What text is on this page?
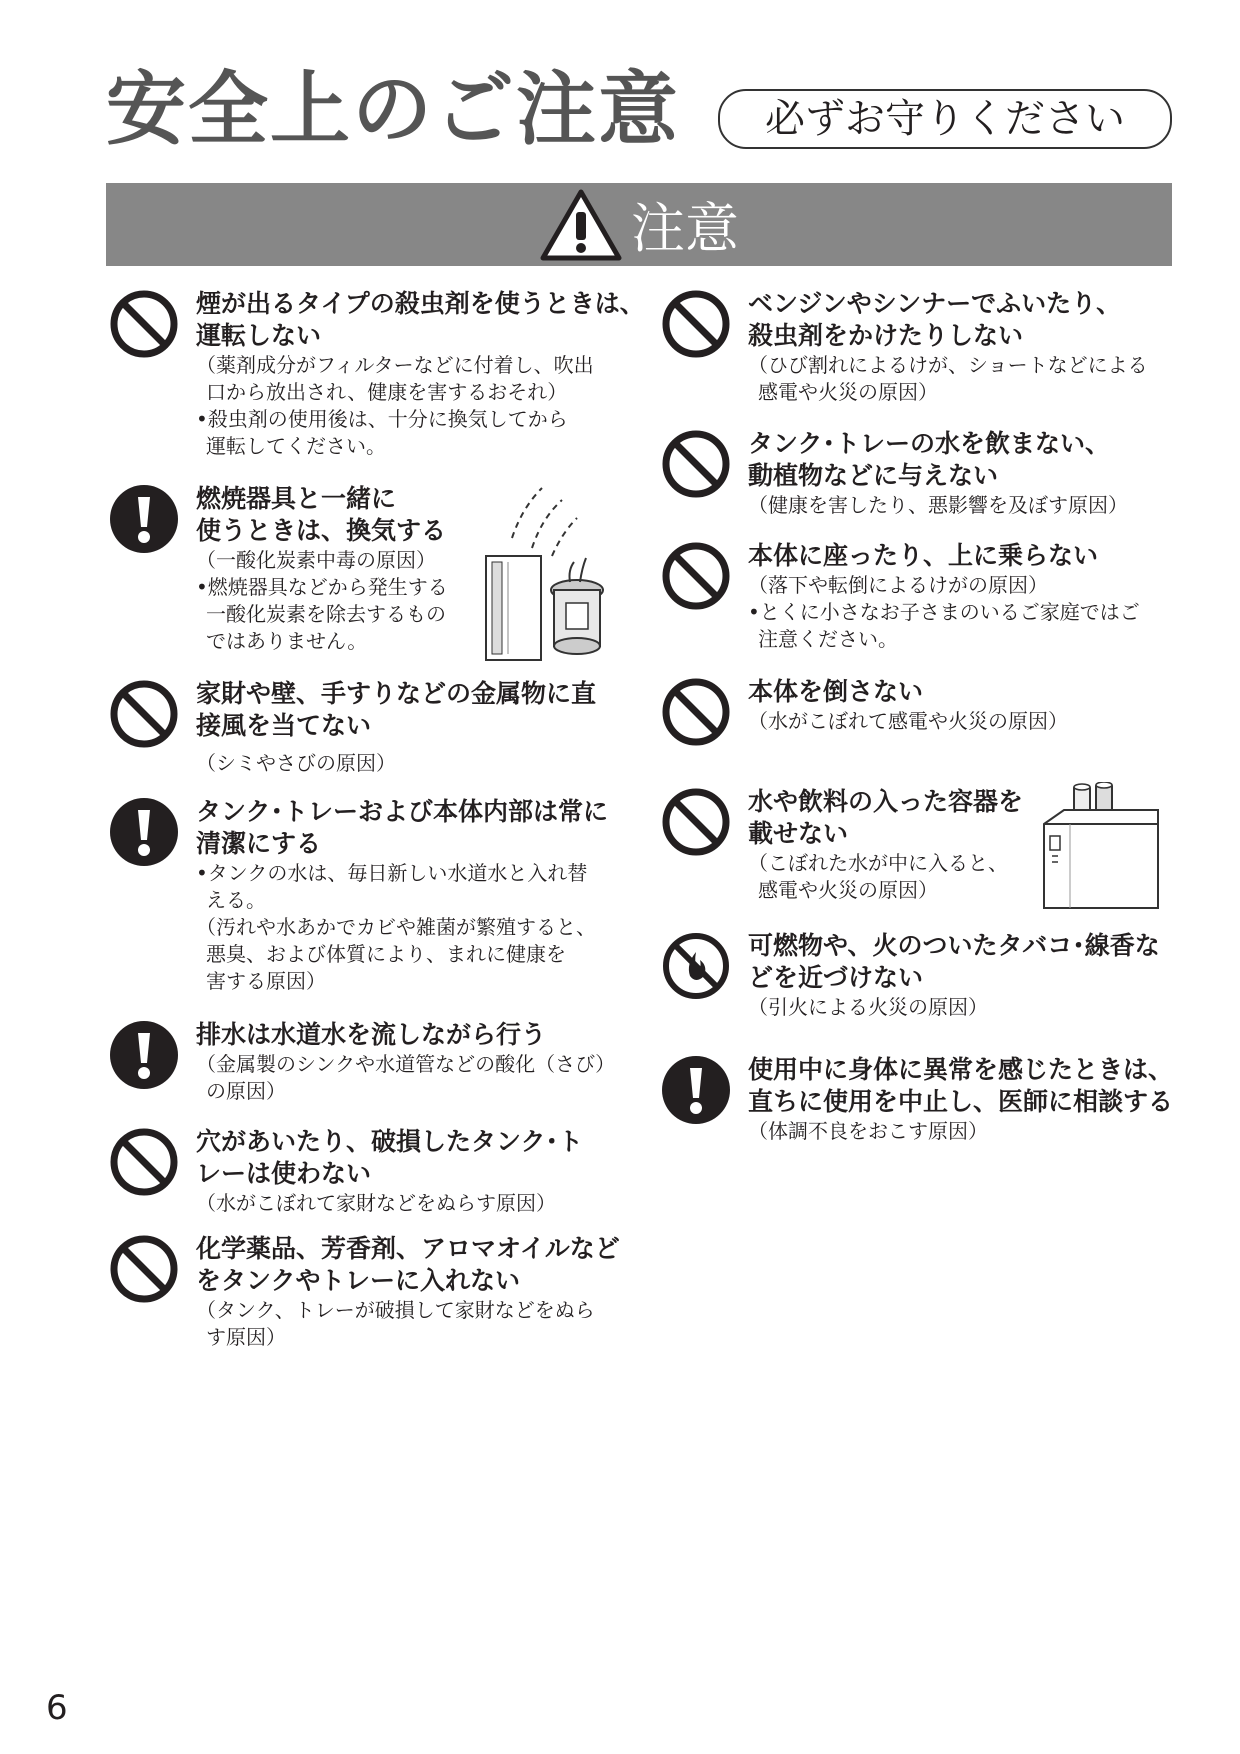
安全上のご注意	必ずお守りください
注意
煙が出るタイプの殺虫剤を使うときは、
運転しない
（薬剤成分がフィルターなどに付着し、吹出
口から放出され、健康を害するおそれ）
•殺虫剤の使用後は、十分に換気してから
運転してください。
燃焼器具と一緒に
使うときは、換気する
（一酸化炭素中毒の原因）
•燃焼器具などから発生する
一酸化炭素を除去するもの
ではありません。
家財や壁、手すりなどの金属物に直
接風を当てない
（シミやさびの原因）
タンク･トレーおよび本体内部は常に
清潔にする
•タンクの水は、毎日新しい水道水と入れ替
える。
（汚れや水あかでカビや雑菌が繁殖すると、
悪臭、および体質により、まれに健康を
害する原因）
排水は水道水を流しながら行う
（金属製のシンクや水道管などの酸化（さび）
の原因）
穴があいたり、破損したタンク･ト
レーは使わない
（水がこぼれて家財などをぬらす原因）
化学薬品、芳香剤、アロマオイルなど
をタンクやトレーに入れない
（タンク、トレーが破損して家財などをぬら
す原因）
ベンジンやシンナーでふいたり、
殺虫剤をかけたりしない
（ひび割れによるけが、ショートなどによる
感電や火災の原因）
タンク･トレーの水を飲まない、
動植物などに与えない
（健康を害したり、悪影響を及ぼす原因）
本体に座ったり、上に乗らない
（落下や転倒によるけがの原因）
•とくに小さなお子さまのいるご家庭ではご
注意ください。
本体を倒さない
（水がこぼれて感電や火災の原因）
水や飲料の入った容器を
載せない
（こぼれた水が中に入ると、
感電や火災の原因）
可燃物や、火のついたタバコ･線香な
どを近づけない
（引火による火災の原因）
使用中に身体に異常を感じたときは、
直ちに使用を中止し、医師に相談する
（体調不良をおこす原因）
6
